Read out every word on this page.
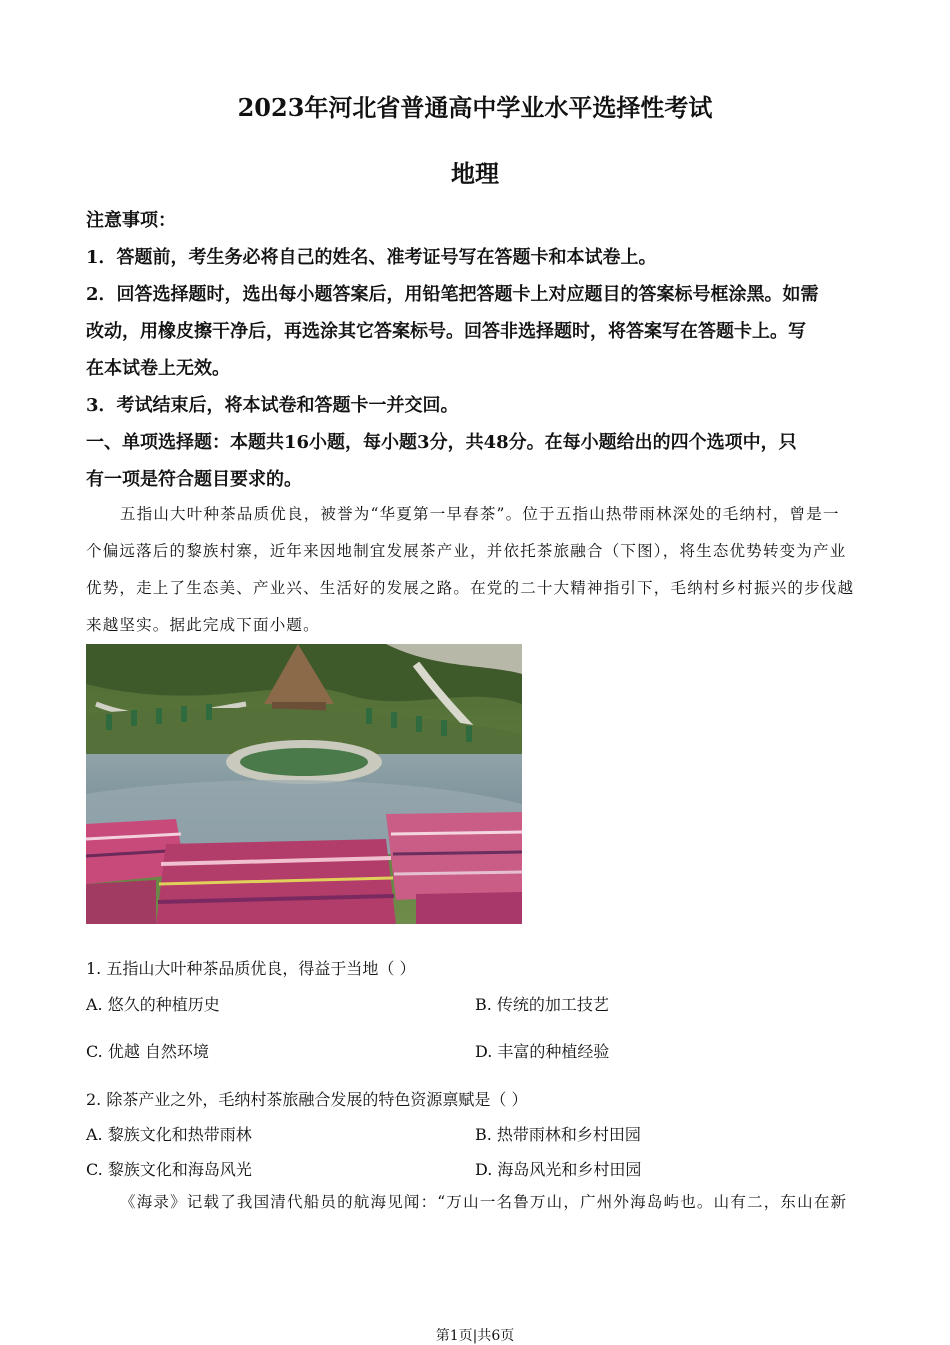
2023年河北省普通高中学业水平选择性考试
地理
注意事项：
1．答题前，考生务必将自己的姓名、准考证号写在答题卡和本试卷上。
2．回答选择题时，选出每小题答案后，用铅笔把答题卡上对应题目的答案标号框涂黑。如需
改动，用橡皮擦干净后，再选涂其它答案标号。回答非选择题时，将答案写在答题卡上。写
在本试卷上无效。
3．考试结束后，将本试卷和答题卡一并交回。
一、单项选择题：本题共16小题，每小题3分，共48分。在每小题给出的四个选项中，只
有一项是符合题目要求的。
五指山大叶种茶品质优良，被誉为“华夏第一早春茶”。位于五指山热带雨林深处的毛纳村，曾是一
个偏远落后的黎族村寨，近年来因地制宜发展茶产业，并依托茶旅融合（下图），将生态优势转变为产业
优势，走上了生态美、产业兴、生活好的发展之路。在党的二十大精神指引下，毛纳村乡村振兴的步伐越
来越坚实。据此完成下面小题。
1. 五指山大叶种茶品质优良，得益于当地（ ）
A. 悠久的种植历史	B. 传统的加工技艺
C. 优越 自然环境	D. 丰富的种植经验
2. 除茶产业之外，毛纳村茶旅融合发展的特色资源禀赋是（ ）
A. 黎族文化和热带雨林	B. 热带雨林和乡村田园
C. 黎族文化和海岛风光	D. 海岛风光和乡村田园
《海录》记载了我国清代船员的航海见闻：“万山一名鲁万山，广州外海岛屿也。山有二，东山在新
第1页|共6页
